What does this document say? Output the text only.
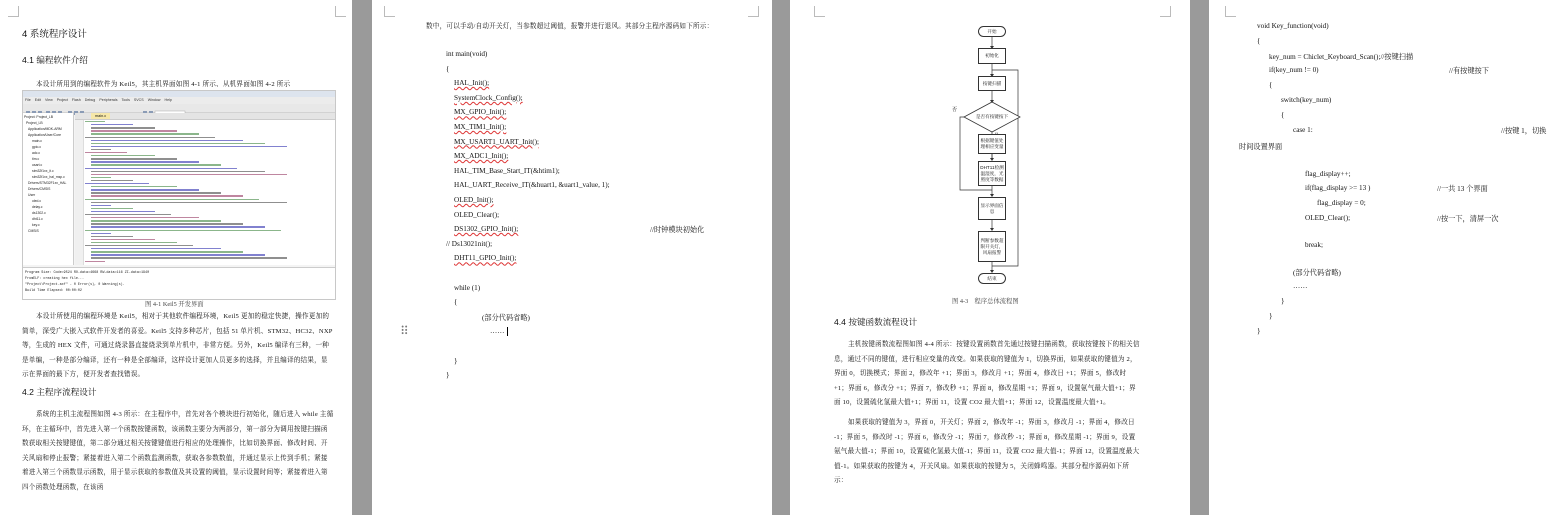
4 系统程序设计
4.1 编程软件介绍
本设计所用到的编程软件为 Keil5，其主机界面如图 4-1 所示、从机界面如图 4-2 所示
File Edit View Project Flash Debug Peripherals Tools SVCS Window Help
Project: Project_LB
Project_LB
Application/MDK-ARM
Application/User/Core
main.c
gpio.c
adc.c
tim.c
usart.c
stm32f1xx_it.c
stm32f1xx_hal_msp.c
Drivers/STM32F1xx_HAL
Drivers/CMSIS
User
oled.c
delay.c
ds1302.c
dht11.c
key.c
CMSIS
main.c
Program Size: Code=9524 RO-data=4668 RW-data=116 ZI-data=1940
FromELF: creating hex file...
"Project\Project.axf" - 0 Error(s), 0 Warning(s).
Build Time Elapsed: 00:00:02
图 4-1 Keil5 开发界面
本设计所使用的编程环境是 Keil5，相对于其他软件编程环境，Keil5 更加的稳定快捷，操作更加的简单，深受广大嵌入式软件开发者的喜爱。Keil5 支持多种芯片，包括 51 单片机、STM32、HC32、NXP 等，生成的 HEX 文件，可通过烧录器直接烧录到单片机中，非常方便。另外，Keil5 编译有三种，一种是单编，一种是部分编译，还有一种是全部编译，这样设计更加人员更多的选择，并且编译的结果，显示在界面的最下方，便开发者查找错误。
4.2 主程序流程设计
系统的主机主流程图如图 4-3 所示：在主程序中，首先对各个模块进行初始化，随后进入 while 主循环，在主循环中，首先进入第一个函数按键函数，该函数主要分为两部分，第一部分为调用按键扫描函数获取相关按键键值，第二部分通过相关按键键值进行相应的处理操作，比如切换界面、修改时间、开关风扇和停止报警；紧接着进入第二个函数监测函数，获取各参数数值，并通过显示上传到手机；紧接着进入第三个函数显示函数，用于显示获取的参数值及其设置的阈值，显示设置时间等；紧接着进入第四个函数处理函数，在该函
数中，可以手动/自动开关灯，当参数超过阈值，报警并进行退风。其部分主程序源码如下所示：
int main(void)
{
HAL_Init();
SystemClock_Config();
MX_GPIO_Init();
MX_TIM1_Init();
MX_USART1_UART_Init();
MX_ADC1_Init();
HAL_TIM_Base_Start_IT(&htim1);
HAL_UART_Receive_IT(&huart1, &uart1_value, 1);
OLED_Init();
OLED_Clear();
DS1302_GPIO_Init();	//时钟模块初始化
// Ds13021nit();
DHT11_GPIO_Init();
while (1)
{
(部分代码省略)
……
}
}
⠿
开始
初始化
按键扫描
是否有按键按下
否
根据键值处理相应变量
DHT11检测温湿度，光照度等数据
显示界面信息
判断参数超限开关灯，风扇报警
结束
图 4-3　程序总体流程图
4.4 按键函数流程设计
主机按键函数流程图如图 4-4 所示：按键设置函数首先通过按键扫描函数，获取按键按下的相关信息，通过不同的键值，进行相应变量的改变。如果获取的键值为 1，切换界面，如果获取的键值为 2，界面 0，切换模式；界面 2，修改年 +1；界面 3，修改月 +1；界面 4，修改日 +1；界面 5，修改时 +1；界面 6，修改分 +1；界面 7，修改秒 +1；界面 8，修改星期 +1；界面 9，设置氨气最大值+1；界面 10，设置硫化氢最大值+1；界面 11，设置 CO2 最大值+1；界面 12，设置温度最大值+1。
如果获取的键值为 3，界面 0，开关灯；界面 2，修改年 -1；界面 3，修改月 -1；界面 4，修改日 -1；界面 5，修改时 -1；界面 6，修改分 -1；界面 7，修改秒 -1；界面 8，修改星期 -1；界面 9，设置氨气最大值-1；界面 10，设置硫化氢最大值-1；界面 11，设置 CO2 最大值-1；界面 12，设置温度最大值-1。如果获取的按键为 4，开关风扇。如果获取的按键为 5，关闭蜂鸣器。其部分程序源码如下所示：
void Key_function(void)
{
key_num = Chiclet_Keyboard_Scan();//按键扫描
if(key_num != 0)	//有按键按下
{
switch(key_num)
{
case 1:	//按键 1，切换
时间设置界面
flag_display++;
if(flag_display >= 13 )	//一共 13 个界面
flag_display = 0;
OLED_Clear();	//按一下，清屏一次
break;
(部分代码省略)
……
}
}
}
